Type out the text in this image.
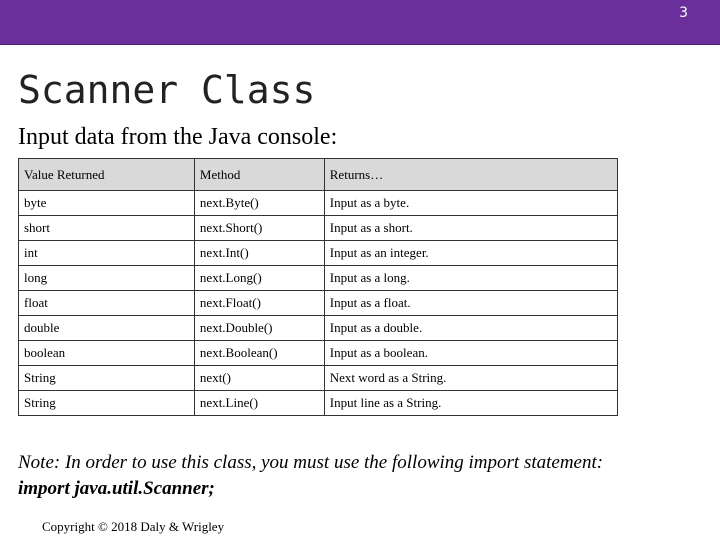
3
Scanner Class
Input data from the Java console:
Value Returned	Method	Returns…
byte	next.Byte()	Input as a byte.
short	next.Short()	Input as a short.
int	next.Int()	Input as an integer.
long	next.Long()	Input as a long.
float	next.Float()	Input as a float.
double	next.Double()	Input as a double.
boolean	next.Boolean()	Input as a boolean.
String	next()	Next word as a String.
String	next.Line()	Input line as a String.
Note: In order to use this class, you must use the following import statement:
import java.util.Scanner;
Copyright © 2018 Daly & Wrigley
